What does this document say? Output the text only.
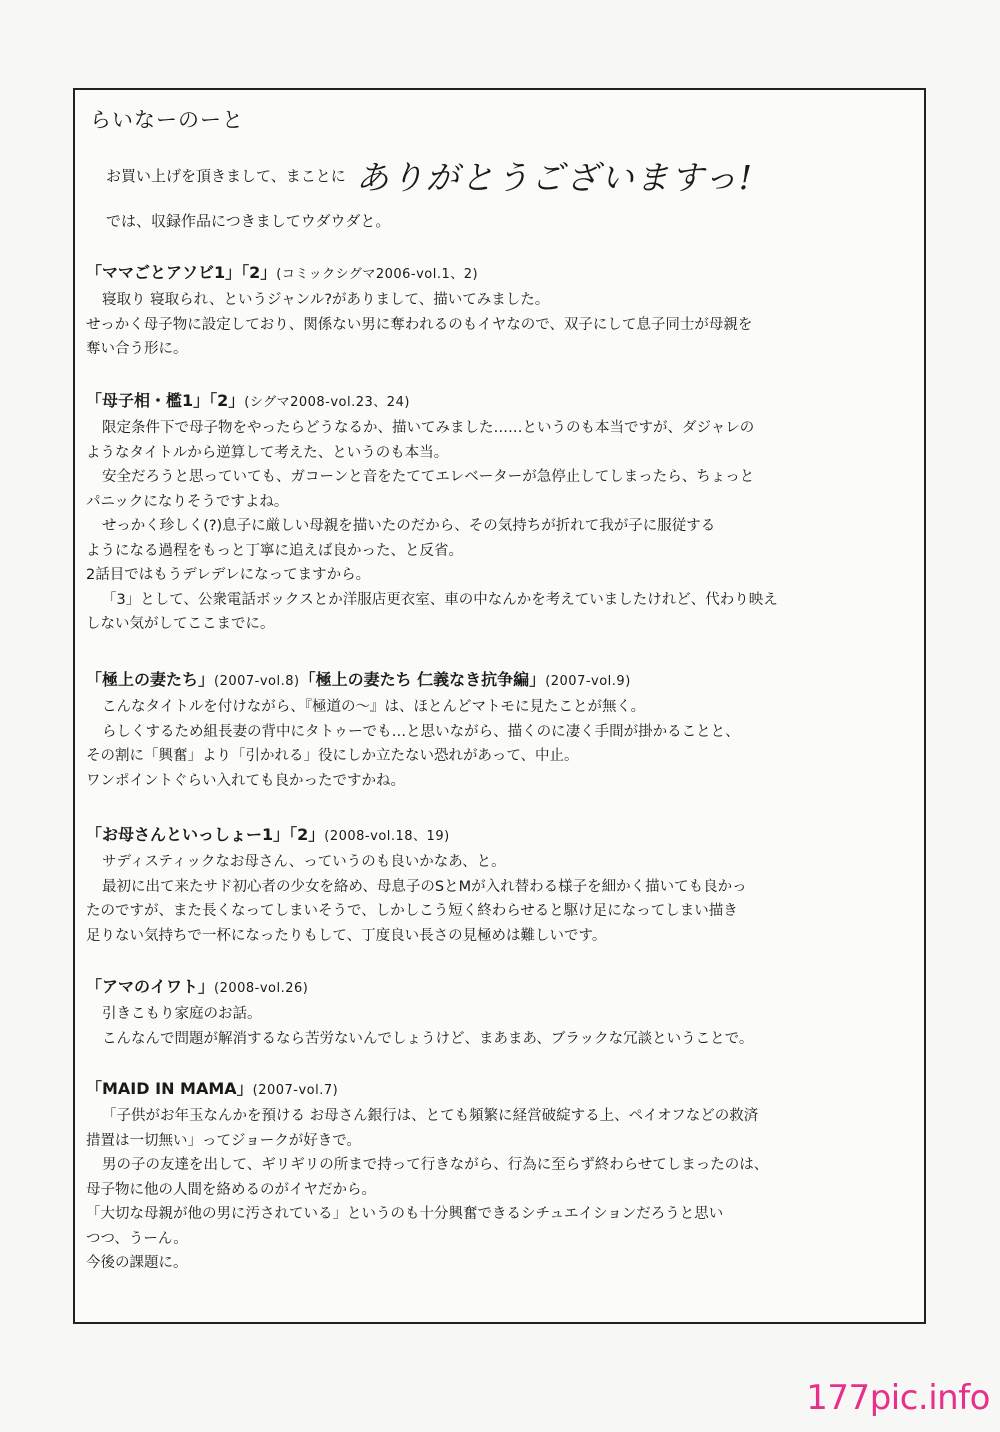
らいなーのーと
お買い上げを頂きまして、まことに ありがとうございますっ!
では、収録作品につきましてウダウダと。
「ママごとアソビ1」「2」(コミックシグマ2006-vol.1、2)
寝取り 寝取られ、というジャンル?がありまして、描いてみました。
せっかく母子物に設定しており、関係ない男に奪われるのもイヤなので、双子にして息子同士が母親を
奪い合う形に。
「母子相・檻1」「2」(シグマ2008-vol.23、24)
限定条件下で母子物をやったらどうなるか、描いてみました……というのも本当ですが、ダジャレの
ようなタイトルから逆算して考えた、というのも本当。
安全だろうと思っていても、ガコーンと音をたててエレベーターが急停止してしまったら、ちょっと
パニックになりそうですよね。
せっかく珍しく(?)息子に厳しい母親を描いたのだから、その気持ちが折れて我が子に服従する
ようになる過程をもっと丁寧に追えば良かった、と反省。
2話目ではもうデレデレになってますから。
「3」として、公衆電話ボックスとか洋服店更衣室、車の中なんかを考えていましたけれど、代わり映え
しない気がしてここまでに。
「極上の妻たち」(2007-vol.8)「極上の妻たち 仁義なき抗争編」(2007-vol.9)
こんなタイトルを付けながら、『極道の〜』は、ほとんどマトモに見たことが無く。
らしくするため組長妻の背中にタトゥーでも…と思いながら、描くのに凄く手間が掛かることと、
その割に「興奮」より「引かれる」役にしか立たない恐れがあって、中止。
ワンポイントぐらい入れても良かったですかね。
「お母さんといっしょー1」「2」(2008-vol.18、19)
サディスティックなお母さん、っていうのも良いかなあ、と。
最初に出て来たサド初心者の少女を絡め、母息子のSとMが入れ替わる様子を細かく描いても良かっ
たのですが、また長くなってしまいそうで、しかしこう短く終わらせると駆け足になってしまい描き
足りない気持ちで一杯になったりもして、丁度良い長さの見極めは難しいです。
「アマのイワト」(2008-vol.26)
引きこもり家庭のお話。
こんなんで問題が解消するなら苦労ないんでしょうけど、まあまあ、ブラックな冗談ということで。
「MAID IN MAMA」(2007-vol.7)
「子供がお年玉なんかを預ける お母さん銀行は、とても頻繁に経営破綻する上、ペイオフなどの救済
措置は一切無い」ってジョークが好きで。
男の子の友達を出して、ギリギリの所まで持って行きながら、行為に至らず終わらせてしまったのは、
母子物に他の人間を絡めるのがイヤだから。
「大切な母親が他の男に汚されている」というのも十分興奮できるシチュエイションだろうと思い
つつ、うーん。
今後の課題に。
177pic.info
